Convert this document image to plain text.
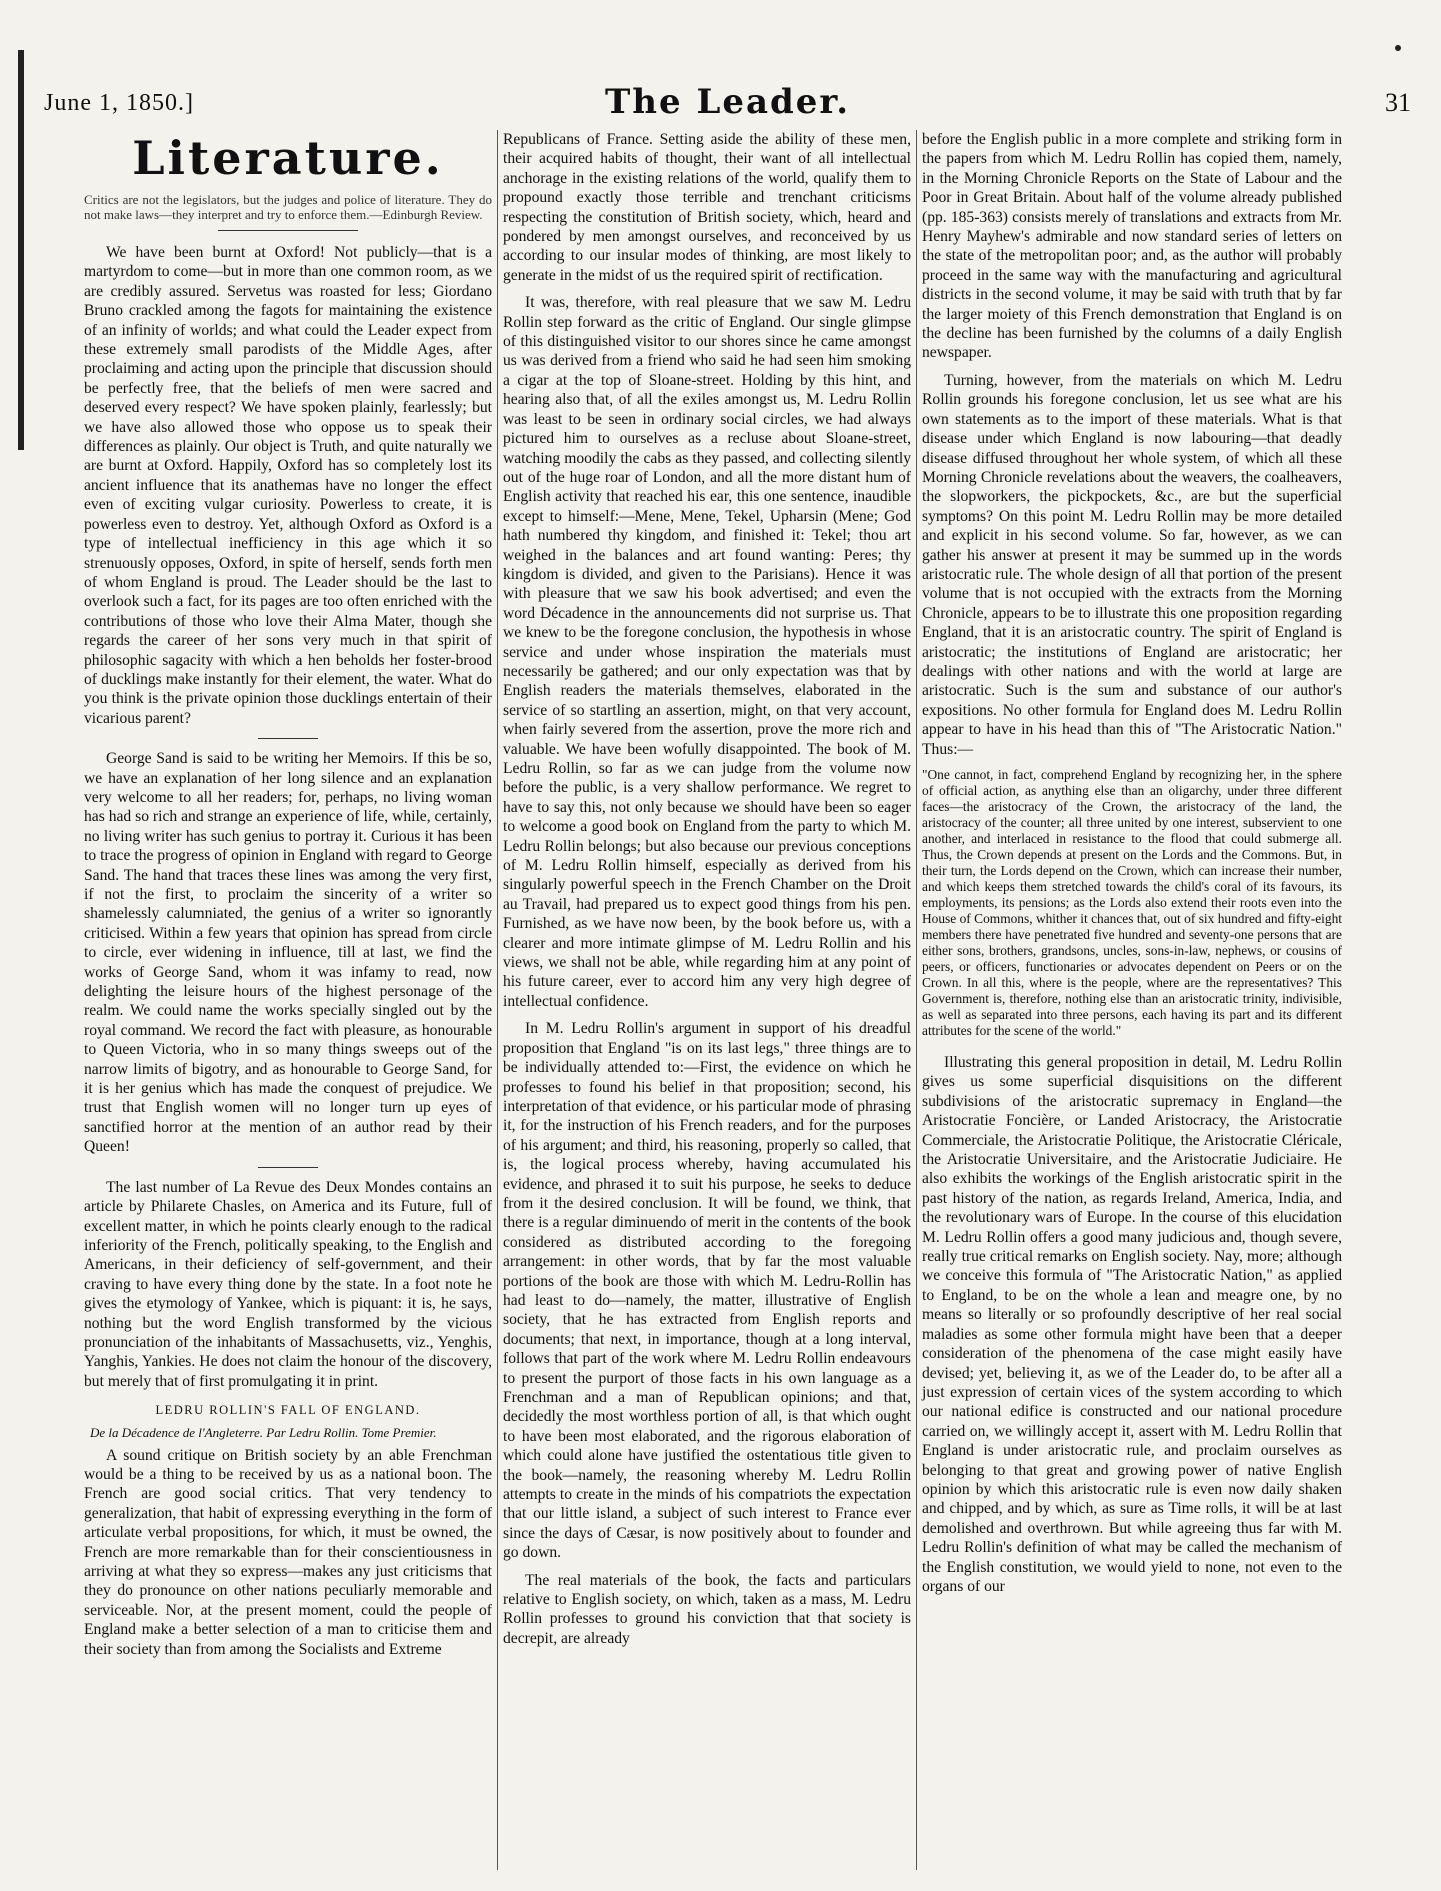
June 1, 1850.]	The Leader.	31
Literature.
Critics are not the legislators, but the judges and police of literature. They do not make laws—they interpret and try to enforce them.—Edinburgh Review.

We have been burnt at Oxford! Not publicly—that is a martyrdom to come—but in more than one common room, as we are credibly assured. Servetus was roasted for less; Giordano Bruno crackled among the fagots for maintaining the existence of an infinity of worlds; and what could the Leader expect from these extremely small parodists of the Middle Ages, after proclaiming and acting upon the principle that discussion should be perfectly free, that the beliefs of men were sacred and deserved every respect? We have spoken plainly, fearlessly; but we have also allowed those who oppose us to speak their differences as plainly. Our object is Truth, and quite naturally we are burnt at Oxford. Happily, Oxford has so completely lost its ancient influence that its anathemas have no longer the effect even of exciting vulgar curiosity. Powerless to create, it is powerless even to destroy. Yet, although Oxford as Oxford is a type of intellectual inefficiency in this age which it so strenuously opposes, Oxford, in spite of herself, sends forth men of whom England is proud. The Leader should be the last to overlook such a fact, for its pages are too often enriched with the contributions of those who love their Alma Mater, though she regards the career of her sons very much in that spirit of philosophic sagacity with which a hen beholds her foster-brood of ducklings make instantly for their element, the water. What do you think is the private opinion those ducklings entertain of their vicarious parent?

George Sand is said to be writing her Memoirs. If this be so, we have an explanation of her long silence and an explanation very welcome to all her readers; for, perhaps, no living woman has had so rich and strange an experience of life, while, certainly, no living writer has such genius to portray it. Curious it has been to trace the progress of opinion in England with regard to George Sand. The hand that traces these lines was among the very first, if not the first, to proclaim the sincerity of a writer so shamelessly calumniated, the genius of a writer so ignorantly criticised. Within a few years that opinion has spread from circle to circle, ever widening in influence, till at last, we find the works of George Sand, whom it was infamy to read, now delighting the leisure hours of the highest personage of the realm. We could name the works specially singled out by the royal command. We record the fact with pleasure, as honourable to Queen Victoria, who in so many things sweeps out of the narrow limits of bigotry, and as honourable to George Sand, for it is her genius which has made the conquest of prejudice. We trust that English women will no longer turn up eyes of sanctified horror at the mention of an author read by their Queen!

The last number of La Revue des Deux Mondes contains an article by Philarete Chasles, on America and its Future, full of excellent matter, in which he points clearly enough to the radical inferiority of the French, politically speaking, to the English and Americans, in their deficiency of self-government, and their craving to have every thing done by the state. In a foot note he gives the etymology of Yankee, which is piquant: it is, he says, nothing but the word English transformed by the vicious pronunciation of the inhabitants of Massachusetts, viz., Yenghis, Yanghis, Yankies. He does not claim the honour of the discovery, but merely that of first promulgating it in print.

LEDRU ROLLIN'S FALL OF ENGLAND.
De la Décadence de l'Angleterre. Par Ledru Rollin. Tome Premier.

A sound critique on British society by an able Frenchman would be a thing to be received by us as a national boon. The French are good social critics. That very tendency to generalization, that habit of expressing everything in the form of articulate verbal propositions, for which, it must be owned, the French are more remarkable than for their conscientiousness in arriving at what they so express—makes any just criticisms that they do pronounce on other nations peculiarly memorable and serviceable. Nor, at the present moment, could the people of England make a better selection of a man to criticise them and their society than from among the Socialists and Extreme

Republicans of France. Setting aside the ability of these men, their acquired habits of thought, their want of all intellectual anchorage in the existing relations of the world, qualify them to propound exactly those terrible and trenchant criticisms respecting the constitution of British society, which, heard and pondered by men amongst ourselves, and reconceived by us according to our insular modes of thinking, are most likely to generate in the midst of us the required spirit of rectification.

It was, therefore, with real pleasure that we saw M. Ledru Rollin step forward as the critic of England. Our single glimpse of this distinguished visitor to our shores since he came amongst us was derived from a friend who said he had seen him smoking a cigar at the top of Sloane-street. Holding by this hint, and hearing also that, of all the exiles amongst us, M. Ledru Rollin was least to be seen in ordinary social circles, we had always pictured him to ourselves as a recluse about Sloane-street, watching moodily the cabs as they passed, and collecting silently out of the huge roar of London, and all the more distant hum of English activity that reached his ear, this one sentence, inaudible except to himself:—Mene, Mene, Tekel, Upharsin (Mene; God hath numbered thy kingdom, and finished it: Tekel; thou art weighed in the balances and art found wanting: Peres; thy kingdom is divided, and given to the Parisians). Hence it was with pleasure that we saw his book advertised; and even the word Décadence in the announcements did not surprise us. That we knew to be the foregone conclusion, the hypothesis in whose service and under whose inspiration the materials must necessarily be gathered; and our only expectation was that by English readers the materials themselves, elaborated in the service of so startling an assertion, might, on that very account, when fairly severed from the assertion, prove the more rich and valuable. We have been wofully disappointed. The book of M. Ledru Rollin, so far as we can judge from the volume now before the public, is a very shallow performance. We regret to have to say this, not only because we should have been so eager to welcome a good book on England from the party to which M. Ledru Rollin belongs; but also because our previous conceptions of M. Ledru Rollin himself, especially as derived from his singularly powerful speech in the French Chamber on the Droit au Travail, had prepared us to expect good things from his pen. Furnished, as we have now been, by the book before us, with a clearer and more intimate glimpse of M. Ledru Rollin and his views, we shall not be able, while regarding him at any point of his future career, ever to accord him any very high degree of intellectual confidence.

In M. Ledru Rollin's argument in support of his dreadful proposition that England "is on its last legs," three things are to be individually attended to:—First, the evidence on which he professes to found his belief in that proposition; second, his interpretation of that evidence, or his particular mode of phrasing it, for the instruction of his French readers, and for the purposes of his argument; and third, his reasoning, properly so called, that is, the logical process whereby, having accumulated his evidence, and phrased it to suit his purpose, he seeks to deduce from it the desired conclusion. It will be found, we think, that there is a regular diminuendo of merit in the contents of the book considered as distributed according to the foregoing arrangement: in other words, that by far the most valuable portions of the book are those with which M. Ledru-Rollin has had least to do—namely, the matter, illustrative of English society, that he has extracted from English reports and documents; that next, in importance, though at a long interval, follows that part of the work where M. Ledru Rollin endeavours to present the purport of those facts in his own language as a Frenchman and a man of Republican opinions; and that, decidedly the most worthless portion of all, is that which ought to have been most elaborated, and the rigorous elaboration of which could alone have justified the ostentatious title given to the book—namely, the reasoning whereby M. Ledru Rollin attempts to create in the minds of his compatriots the expectation that our little island, a subject of such interest to France ever since the days of Cæsar, is now positively about to founder and go down.

The real materials of the book, the facts and particulars relative to English society, on which, taken as a mass, M. Ledru Rollin professes to ground his conviction that that society is decrepit, are already

before the English public in a more complete and striking form in the papers from which M. Ledru Rollin has copied them, namely, in the Morning Chronicle Reports on the State of Labour and the Poor in Great Britain. About half of the volume already published (pp. 185-363) consists merely of translations and extracts from Mr. Henry Mayhew's admirable and now standard series of letters on the state of the metropolitan poor; and, as the author will probably proceed in the same way with the manufacturing and agricultural districts in the second volume, it may be said with truth that by far the larger moiety of this French demonstration that England is on the decline has been furnished by the columns of a daily English newspaper.

Turning, however, from the materials on which M. Ledru Rollin grounds his foregone conclusion, let us see what are his own statements as to the import of these materials. What is that disease under which England is now labouring—that deadly disease diffused throughout her whole system, of which all these Morning Chronicle revelations about the weavers, the coalheavers, the slopworkers, the pickpockets, &c., are but the superficial symptoms? On this point M. Ledru Rollin may be more detailed and explicit in his second volume. So far, however, as we can gather his answer at present it may be summed up in the words aristocratic rule. The whole design of all that portion of the present volume that is not occupied with the extracts from the Morning Chronicle, appears to be to illustrate this one proposition regarding England, that it is an aristocratic country. The spirit of England is aristocratic; the institutions of England are aristocratic; her dealings with other nations and with the world at large are aristocratic. Such is the sum and substance of our author's expositions. No other formula for England does M. Ledru Rollin appear to have in his head than this of "The Aristocratic Nation." Thus:—

"One cannot, in fact, comprehend England by recognizing her, in the sphere of official action, as anything else than an oligarchy, under three different faces—the aristocracy of the Crown, the aristocracy of the land, the aristocracy of the counter; all three united by one interest, subservient to one another, and interlaced in resistance to the flood that could submerge all. Thus, the Crown depends at present on the Lords and the Commons. But, in their turn, the Lords depend on the Crown, which can increase their number, and which keeps them stretched towards the child's coral of its favours, its employments, its pensions; as the Lords also extend their roots even into the House of Commons, whither it chances that, out of six hundred and fifty-eight members there have penetrated five hundred and seventy-one persons that are either sons, brothers, grandsons, uncles, sons-in-law, nephews, or cousins of peers, or officers, functionaries or advocates dependent on Peers or on the Crown. In all this, where is the people, where are the representatives? This Government is, therefore, nothing else than an aristocratic trinity, indivisible, as well as separated into three persons, each having its part and its different attributes for the scene of the world."

Illustrating this general proposition in detail, M. Ledru Rollin gives us some superficial disquisitions on the different subdivisions of the aristocratic supremacy in England—the Aristocratie Foncière, or Landed Aristocracy, the Aristocratie Commerciale, the Aristocratie Politique, the Aristocratie Cléricale, the Aristocratie Universitaire, and the Aristocratie Judiciaire. He also exhibits the workings of the English aristocratic spirit in the past history of the nation, as regards Ireland, America, India, and the revolutionary wars of Europe. In the course of this elucidation M. Ledru Rollin offers a good many judicious and, though severe, really true critical remarks on English society. Nay, more; although we conceive this formula of "The Aristocratic Nation," as applied to England, to be on the whole a lean and meagre one, by no means so literally or so profoundly descriptive of her real social maladies as some other formula might have been that a deeper consideration of the phenomena of the case might easily have devised; yet, believing it, as we of the Leader do, to be after all a just expression of certain vices of the system according to which our national edifice is constructed and our national procedure carried on, we willingly accept it, assert with M. Ledru Rollin that England is under aristocratic rule, and proclaim ourselves as belonging to that great and growing power of native English opinion by which this aristocratic rule is even now daily shaken and chipped, and by which, as sure as Time rolls, it will be at last demolished and overthrown. But while agreeing thus far with M. Ledru Rollin's definition of what may be called the mechanism of the English constitution, we would yield to none, not even to the organs of our
